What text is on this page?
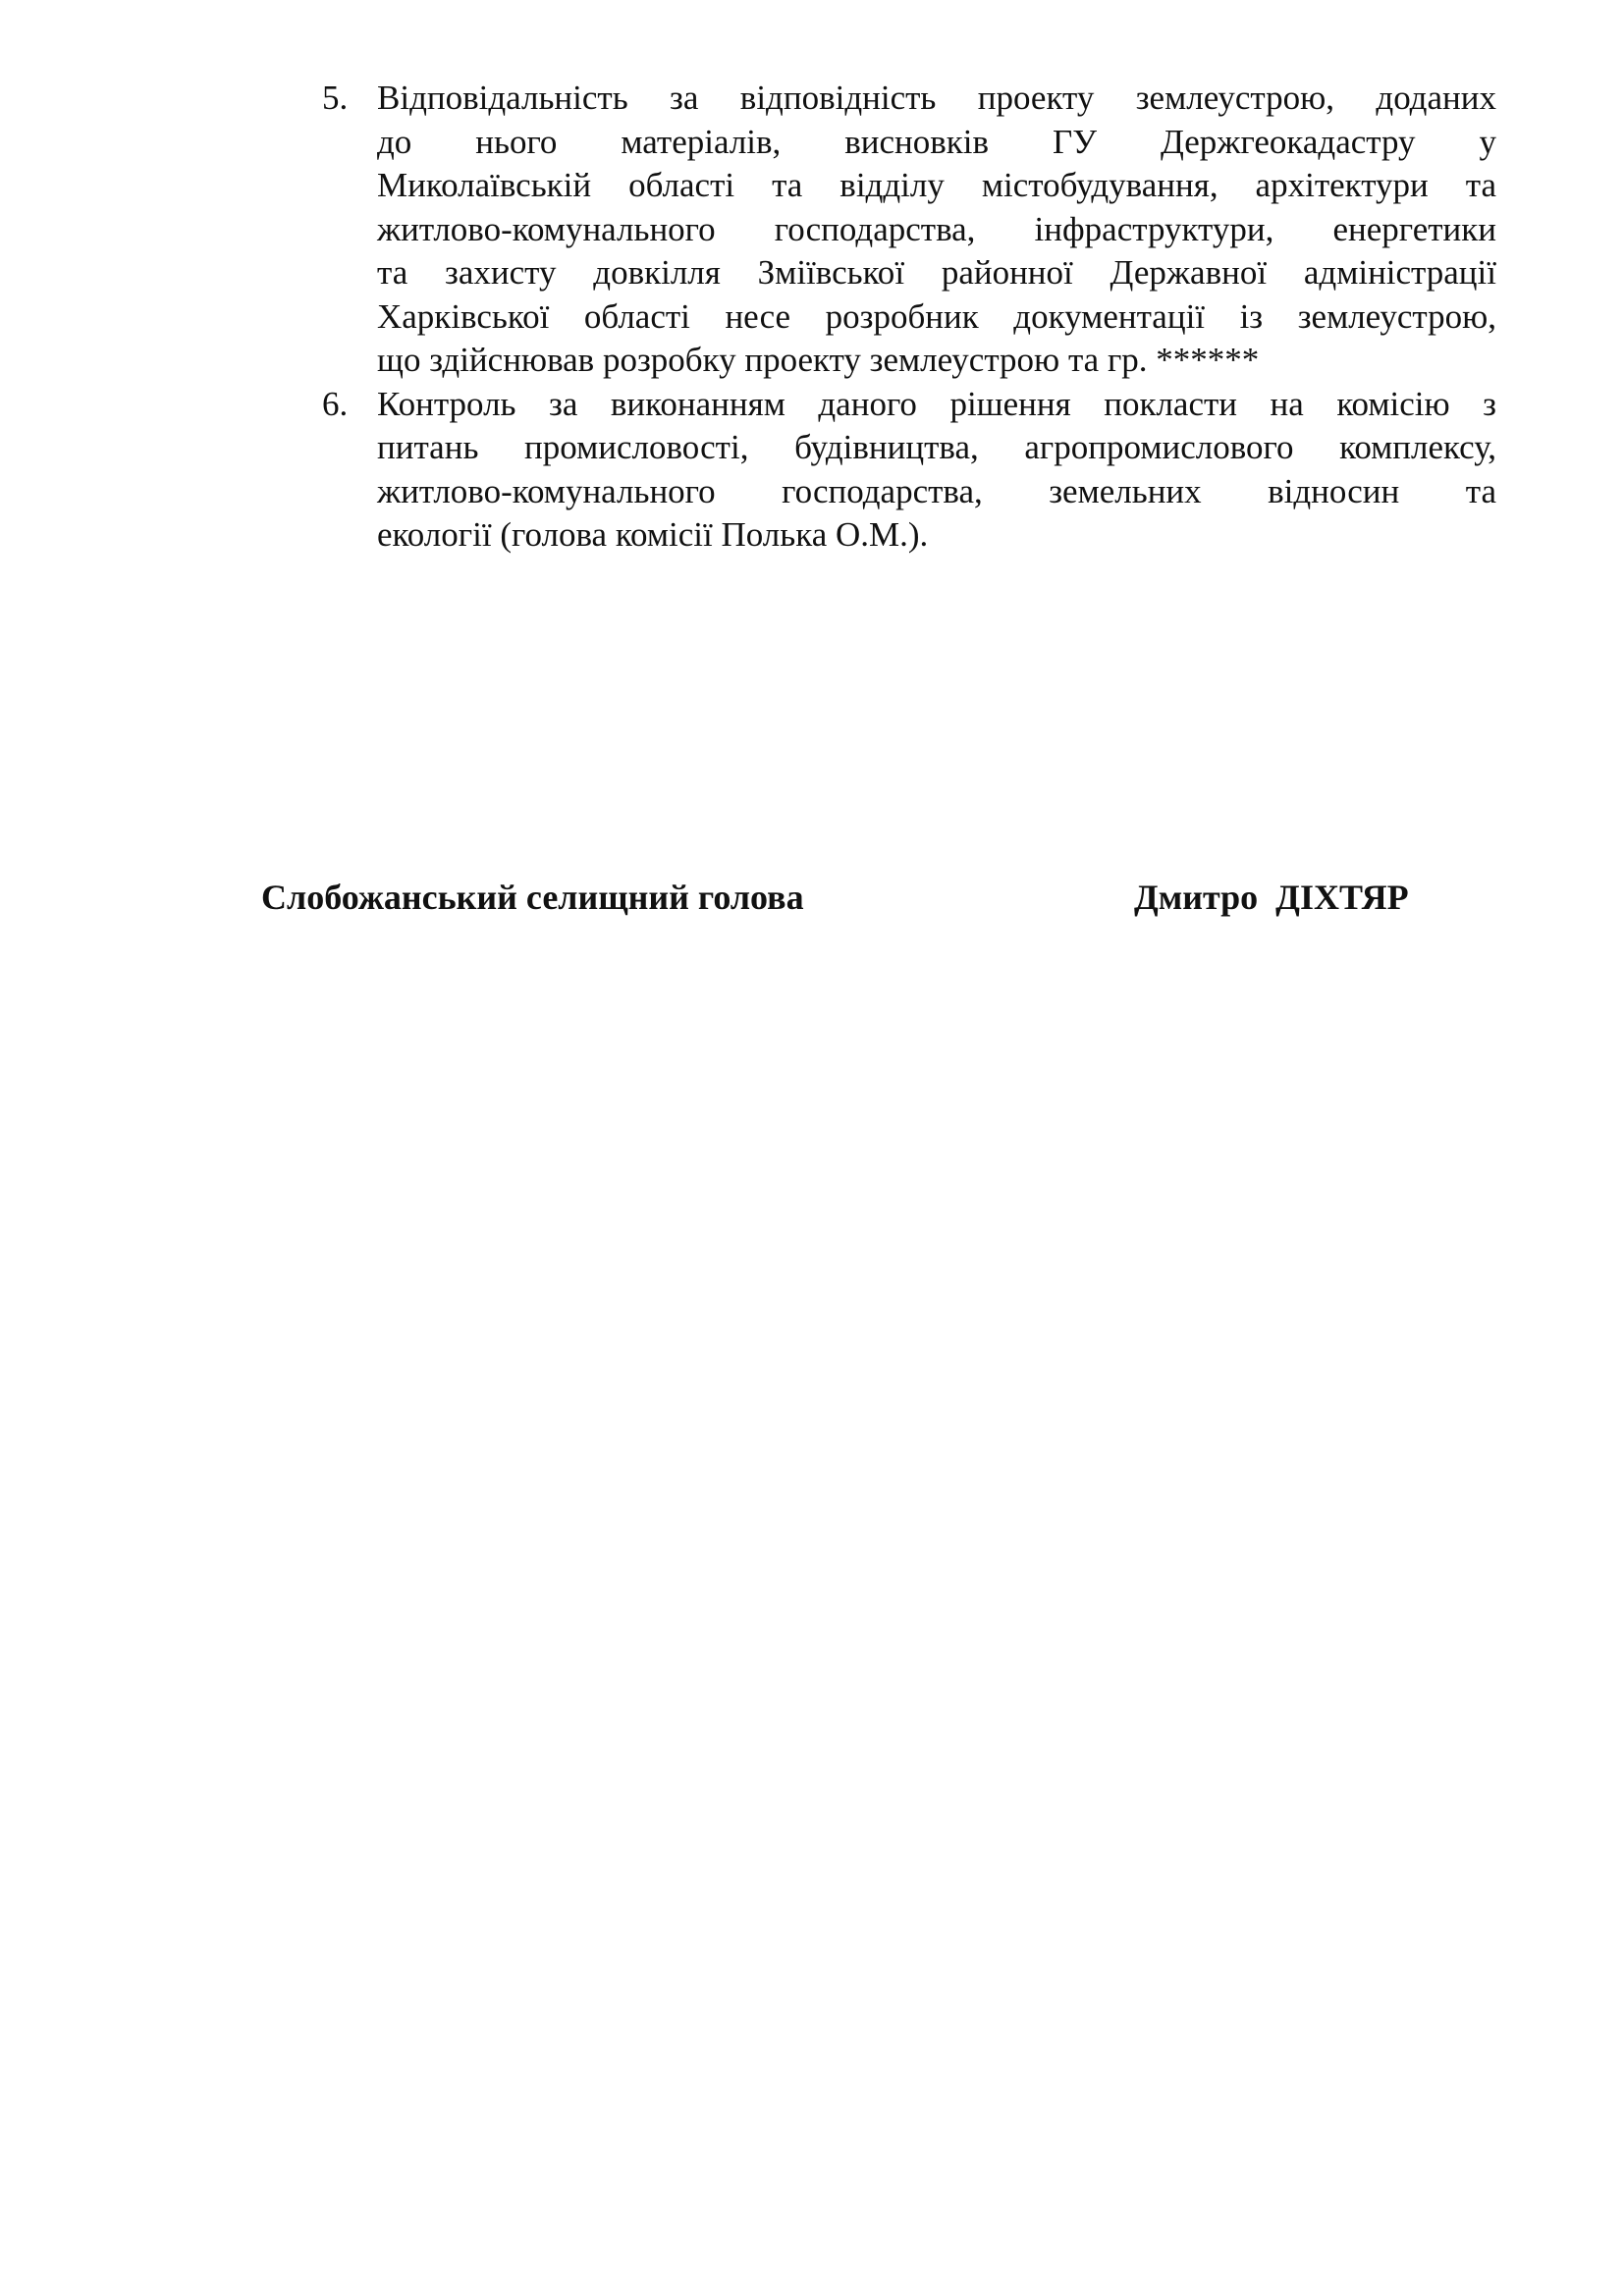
5. Відповідальність за відповідність проекту землеустрою, доданих
до нього матеріалів, висновків ГУ Держгеокадастру у
Миколаївській області та відділу містобудування, архітектури та
житлово-комунального господарства, інфраструктури, енергетики
та захисту довкілля Зміївської районної Державної адміністрації
Харківської області несе розробник документації із землеустрою,
що здійснював розробку проекту землеустрою та гр. ******
6. Контроль за виконанням даного рішення покласти на комісію з
питань промисловості, будівництва, агропромислового комплексу,
житлово-комунального господарства, земельних відносин та
екології (голова комісії Полька О.М.).
Слобожанський селищний голова	Дмитро  ДІХТЯР
